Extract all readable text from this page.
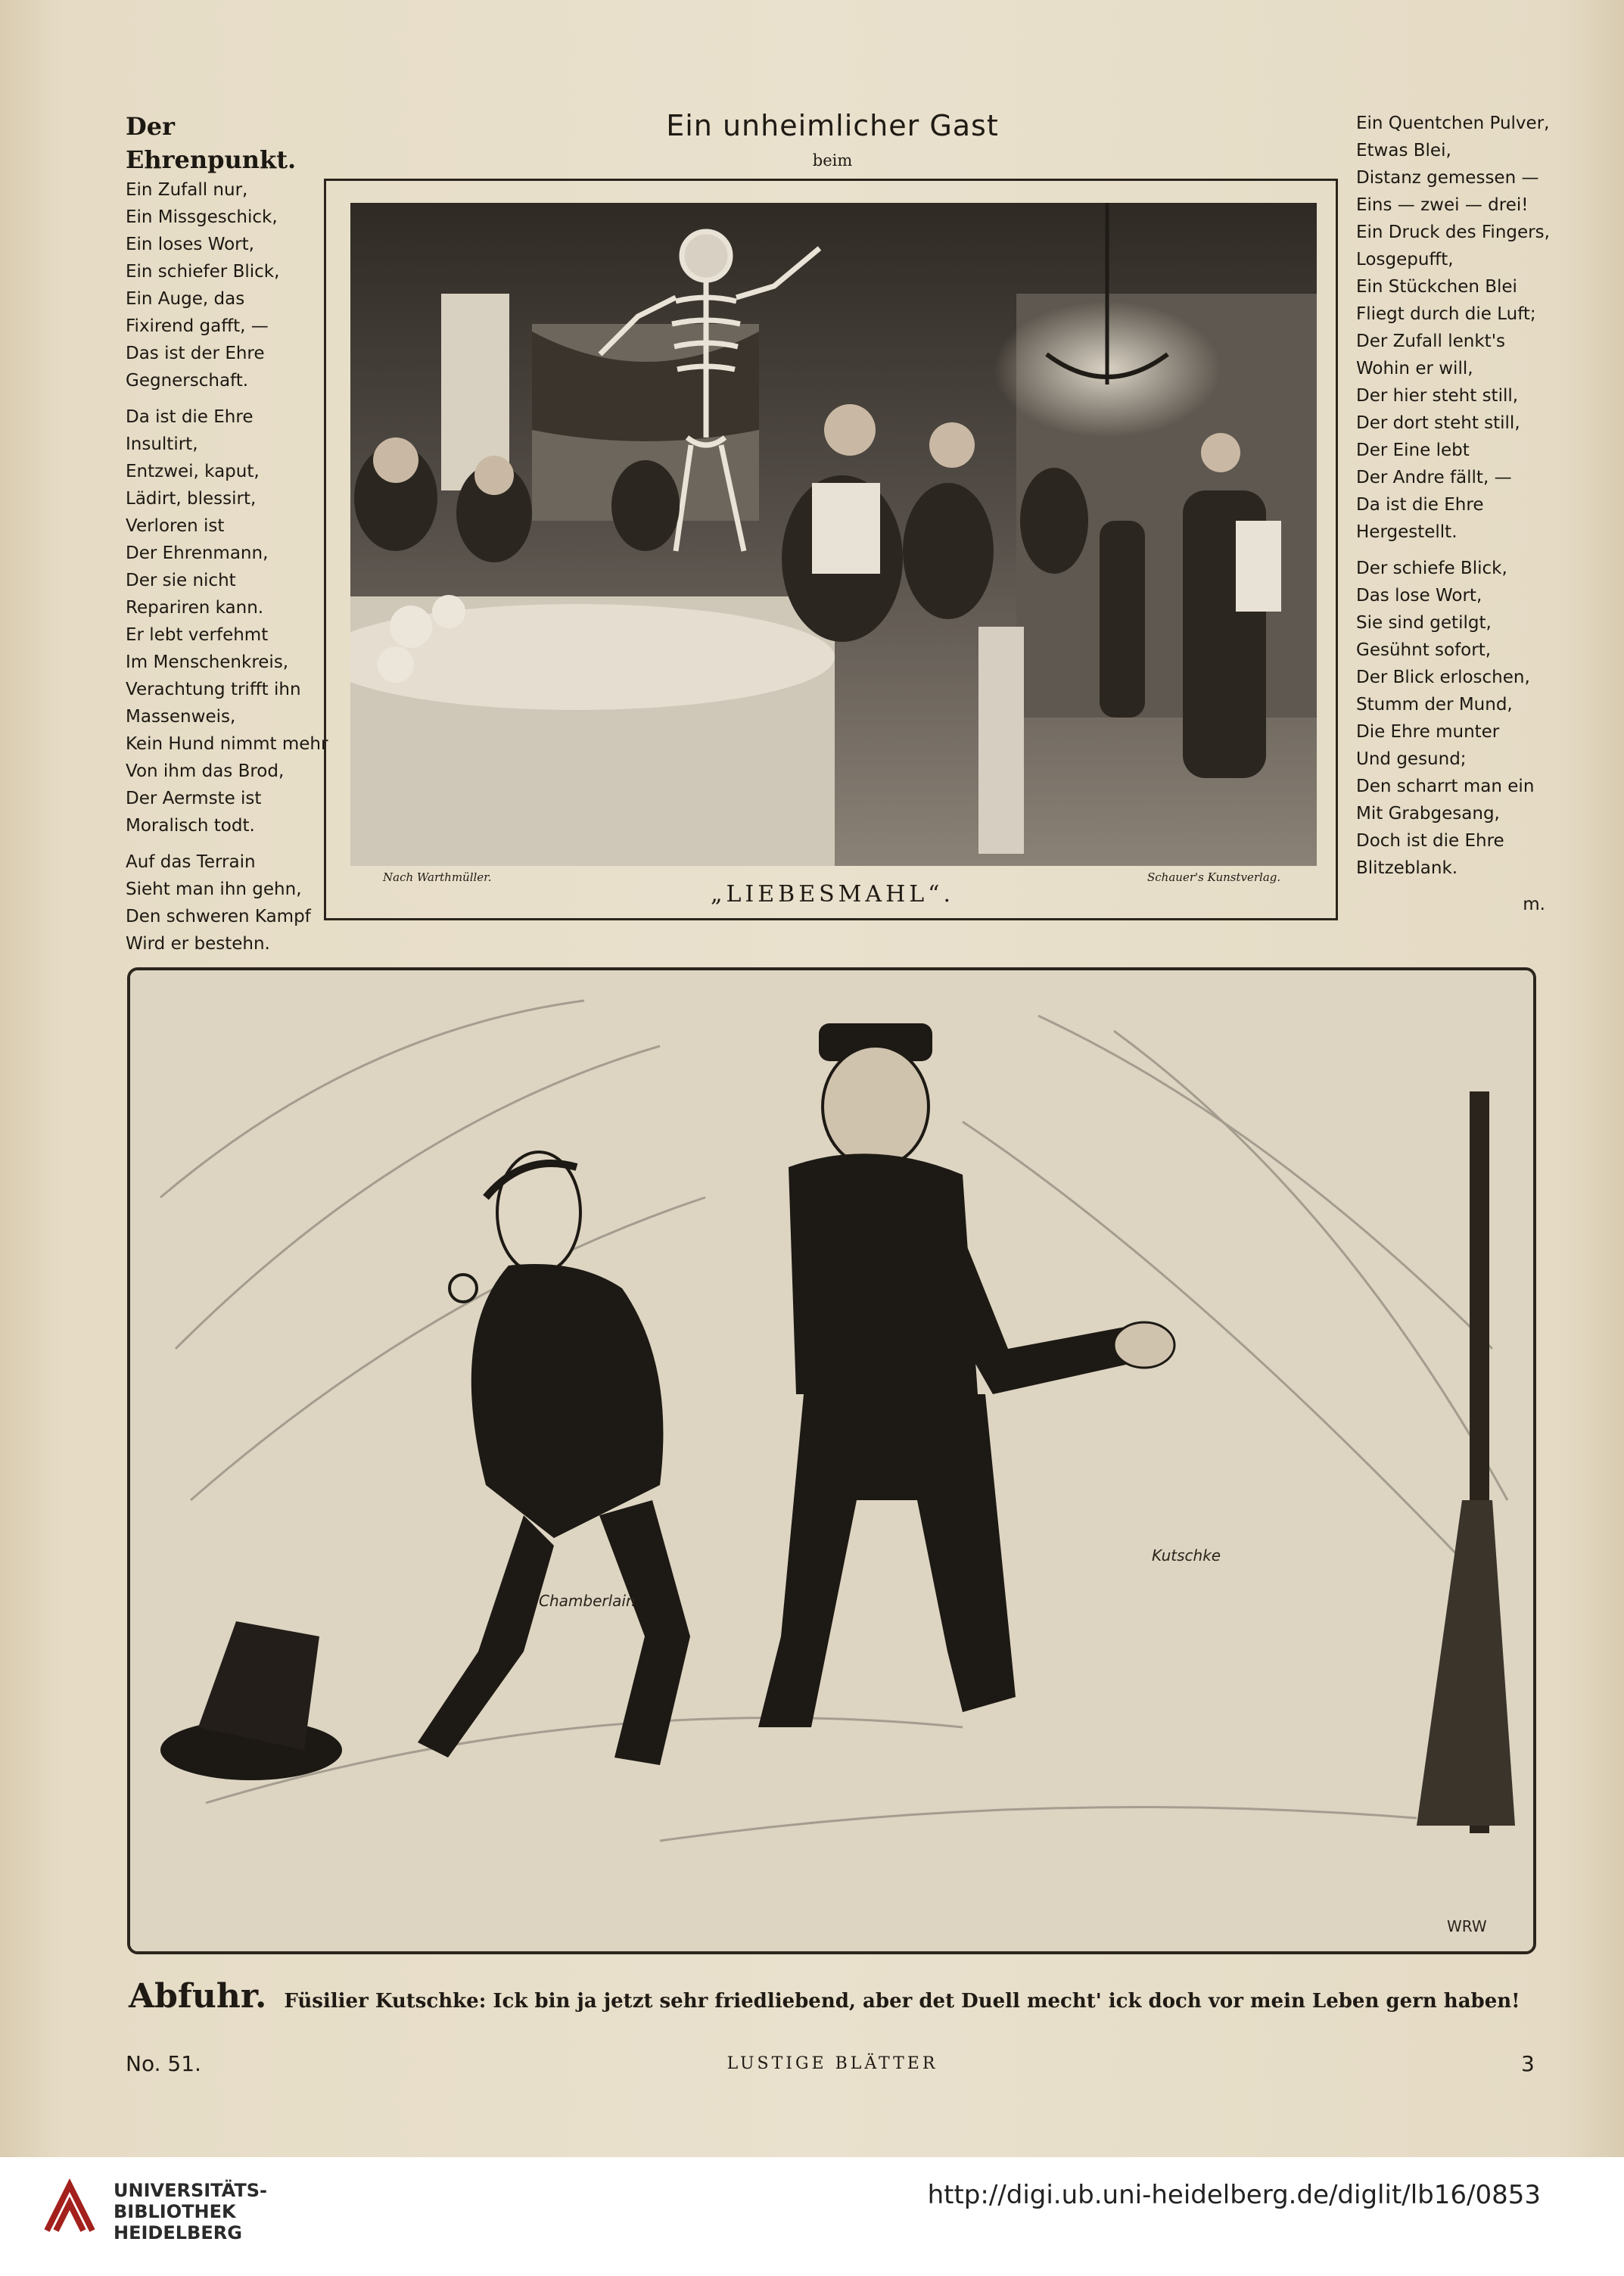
Der Ehrenpunkt.
Ein Zufall nur,
Ein Missgeschick,
Ein loses Wort,
Ein schiefer Blick,
Ein Auge, das
Fixirend gafft, —
Das ist der Ehre
Gegnerschaft.
Da ist die Ehre
Insultirt,
Entzwei, kaput,
Lädirt, blessirt,
Verloren ist
Der Ehrenmann,
Der sie nicht
Repariren kann.
Er lebt verfehmt
Im Menschenkreis,
Verachtung trifft ihn
Massenweis,
Kein Hund nimmt mehr
Von ihm das Brod,
Der Aermste ist
Moralisch todt.
Auf das Terrain
Sieht man ihn gehn,
Den schweren Kampf
Wird er bestehn.
Ein Quentchen Pulver,
Etwas Blei,
Distanz gemessen —
Eins — zwei — drei!
Ein Druck des Fingers,
Losgepufft,
Ein Stückchen Blei
Fliegt durch die Luft;
Der Zufall lenkt's
Wohin er will,
Der hier steht still,
Der dort steht still,
Der Eine lebt
Der Andre fällt, —
Da ist die Ehre
Hergestellt.
Der schiefe Blick,
Das lose Wort,
Sie sind getilgt,
Gesühnt sofort,
Der Blick erloschen,
Stumm der Mund,
Die Ehre munter
Und gesund;
Den scharrt man ein
Mit Grabgesang,
Doch ist die Ehre
Blitzeblank.
m.
Ein unheimlicher Gast
beim
Nach Warthmüller.	Schauer's Kunstverlag.
„LIEBESMAHL“.
Chamberlain
Kutschke
WRW
Abfuhr. Füsilier Kutschke: Ick bin ja jetzt sehr friedliebend, aber det Duell mecht' ick doch vor mein Leben gern haben!
No. 51.	LUSTIGE BLÄTTER	3
UNIVERSITÄTS-
BIBLIOTHEK
HEIDELBERG
http://digi.ub.uni-heidelberg.de/diglit/lb16/0853
